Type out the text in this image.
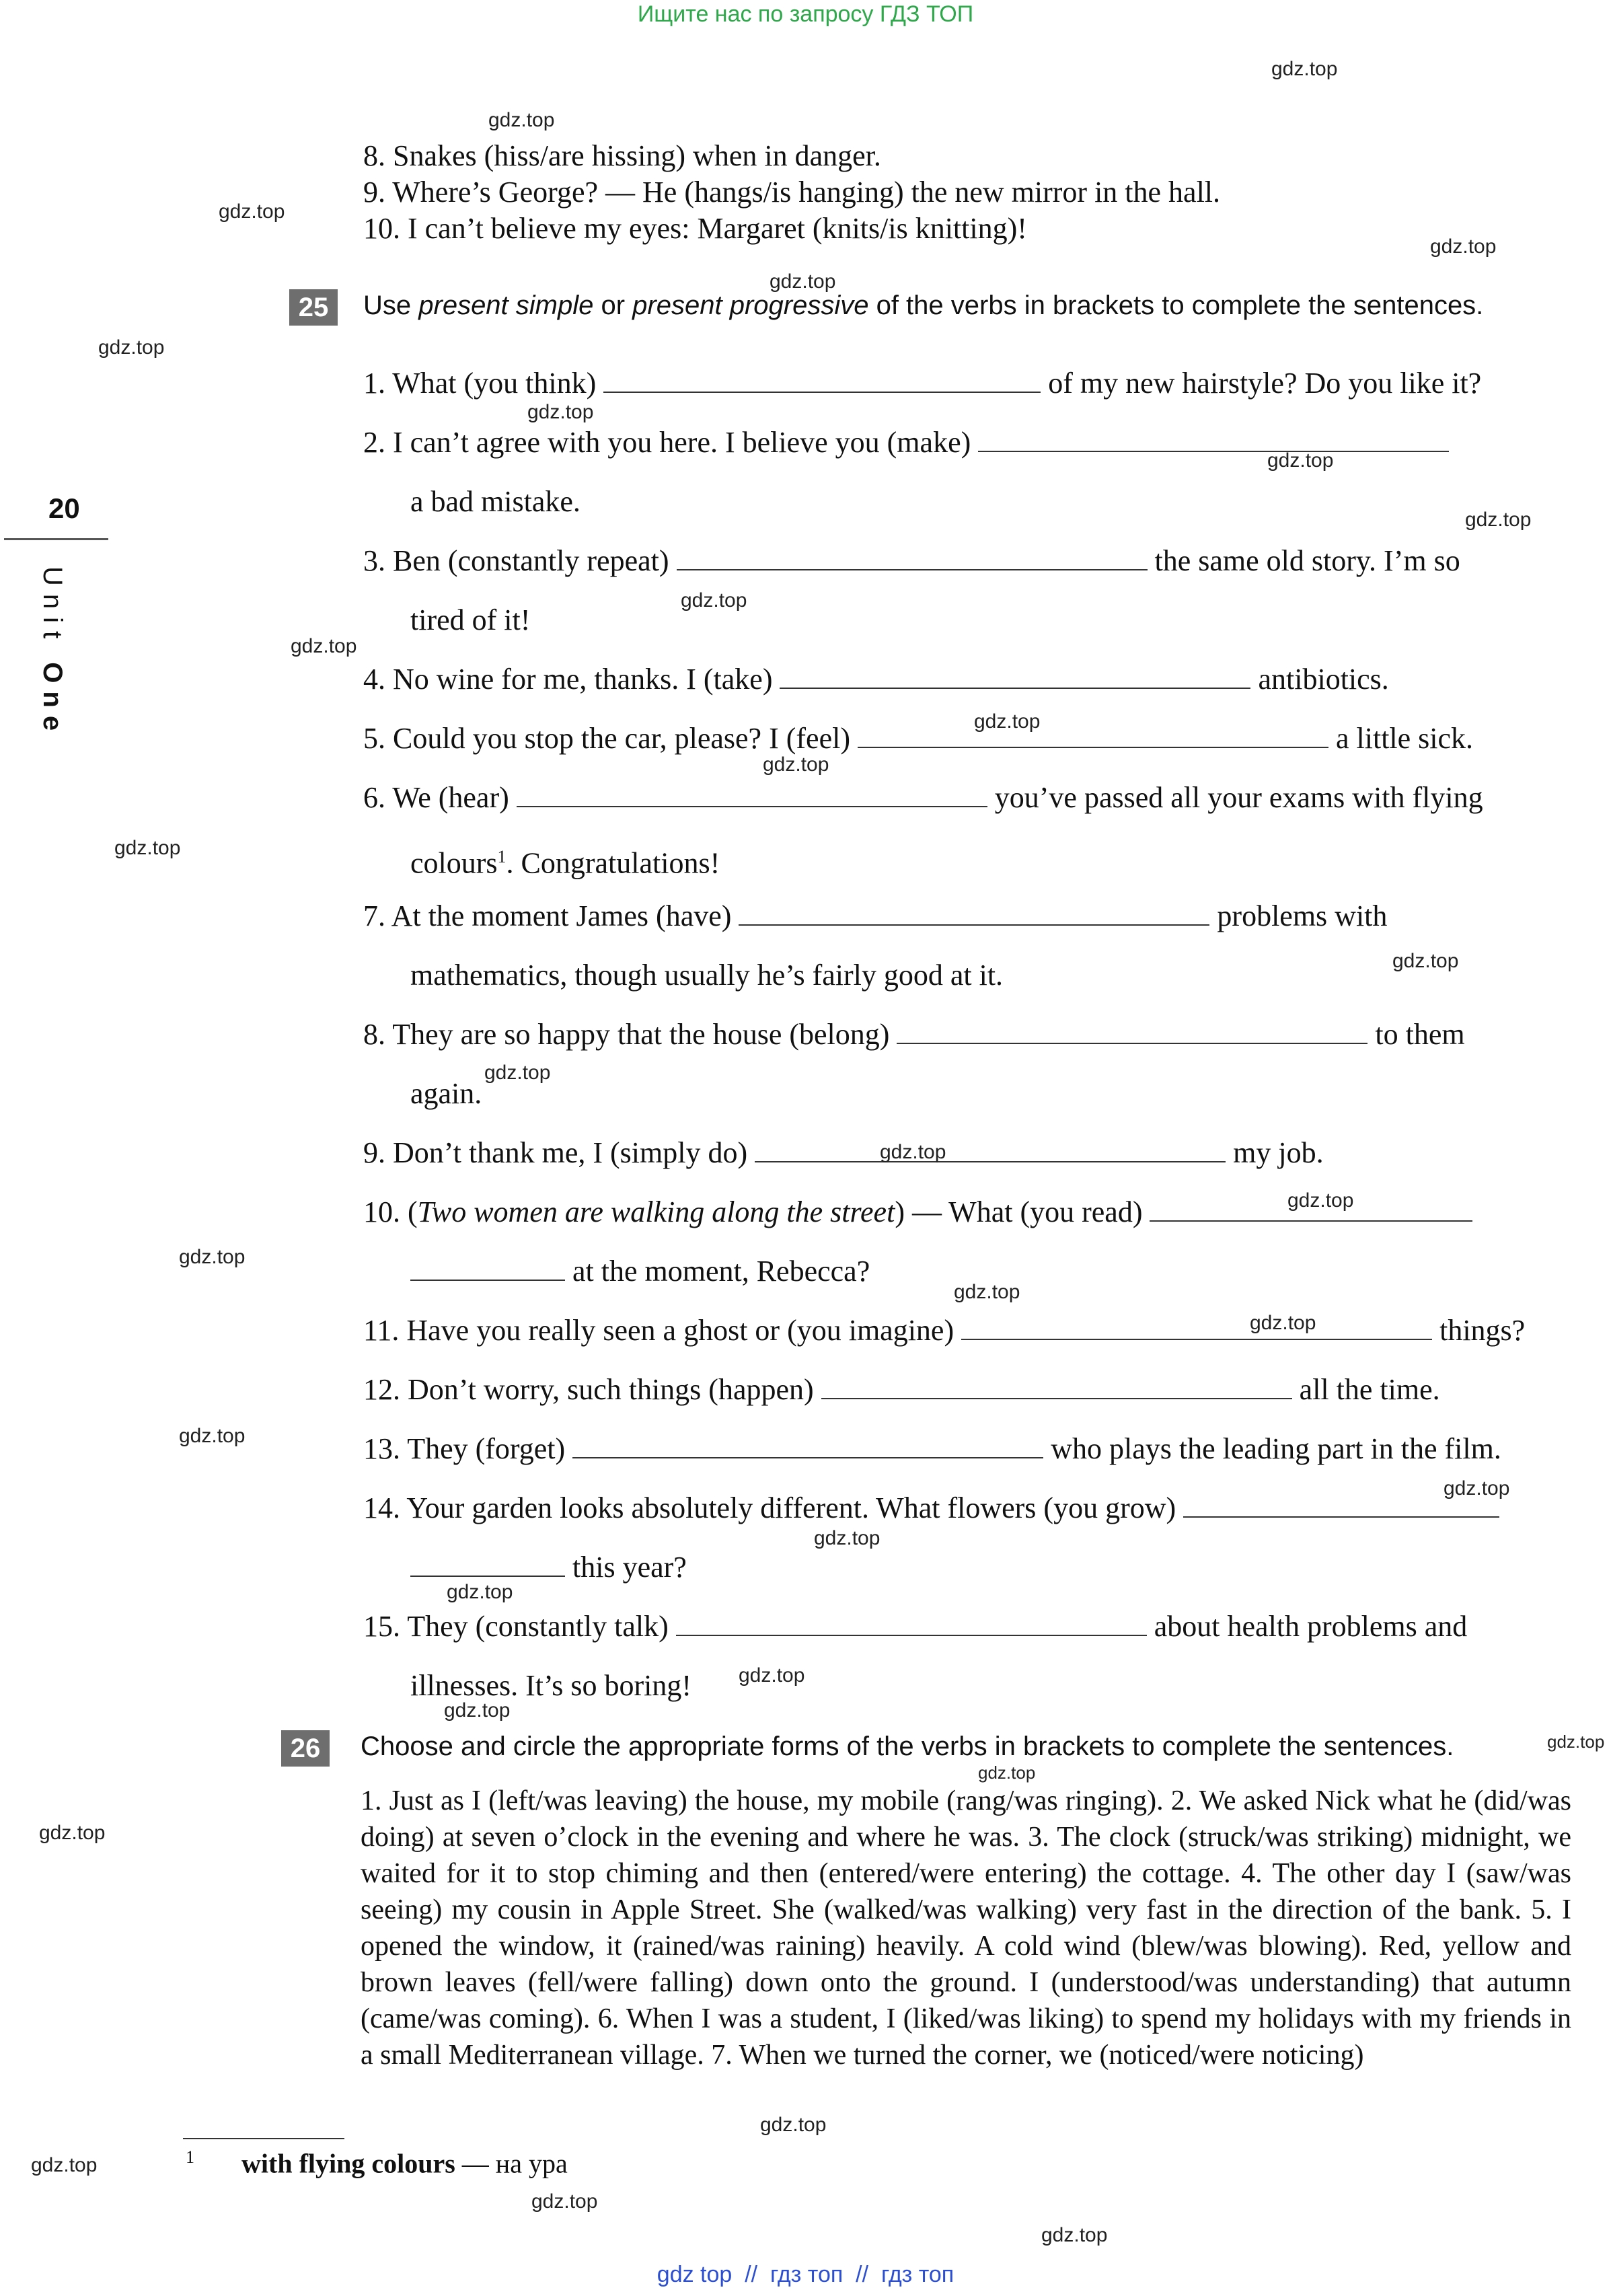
Ищите нас по запросу ГДЗ ТОП
20
Unit One
8. Snakes (hiss/are hissing) when in danger.
9. Where’s George? — He (hangs/is hanging) the new mirror in the hall.
10. I can’t believe my eyes: Margaret (knits/is knitting)!
25	Use present simple or present progressive of the verbs in brackets to complete the sentences.
1. What (you think)	of my new hairstyle? Do you like it?
2. I can’t agree with you here. I believe you (make)
a bad mistake.
3. Ben (constantly repeat)	the same old story. I’m so
tired of it!
4. No wine for me, thanks. I (take)	antibiotics.
5. Could you stop the car, please? I (feel)	a little sick.
6. We (hear)	you’ve passed all your exams with flying
colours$^1$. Congratulations!
7. At the moment James (have)	problems with
mathematics, though usually he’s fairly good at it.
8. They are so happy that the house (belong)	to them
again.
9. Don’t thank me, I (simply do)	my job.
10. (Two women are walking along the street) — What (you read)
at the moment, Rebecca?
11. Have you really seen a ghost or (you imagine)	things?
12. Don’t worry, such things (happen)	all the time.
13. They (forget)	who plays the leading part in the film.
14. Your garden looks absolutely different. What flowers (you grow)
this year?
15. They (constantly talk)	about health problems and
illnesses. It’s so boring!
26	Choose and circle the appropriate forms of the verbs in brackets to complete the sentences.
1. Just as I (left/was leaving) the house, my mobile (rang/was ringing). 2. We asked Nick what he (did/was doing) at seven o’clock in the evening and where he was. 3. The clock (struck/was striking) midnight, we waited for it to stop chiming and then (entered/were entering) the cottage. 4. The other day I (saw/was seeing) my cousin in Apple Street. She (walked/was walking) very fast in the direction of the bank. 5. I opened the window, it (rained/was raining) heavily. A cold wind (blew/was blowing). Red, yellow and brown leaves (fell/were falling) down onto the ground. I (understood/was understanding) that autumn (came/was coming). 6. When I was a student, I (liked/was liking) to spend my holidays with my friends in a small Mediterranean village. 7. When we turned the corner, we (noticed/were noticing)
$^1$ with flying colours — на ура
gdz.top
gdz.top
gdz.top
gdz.top
gdz.top
gdz.top
gdz.top
gdz.top
gdz.top
gdz.top
gdz.top
gdz.top
gdz.top
gdz.top
gdz.top
gdz.top
gdz.top
gdz.top
gdz.top
gdz.top
gdz.top
gdz.top
gdz.top
gdz.top
gdz.top
gdz.top
gdz.top
gdz.top
gdz.top
gdz.top
gdz.top
gdz.top
gdz.top
gdz.top
gdz top  //  гдз топ  //  гдз топ
